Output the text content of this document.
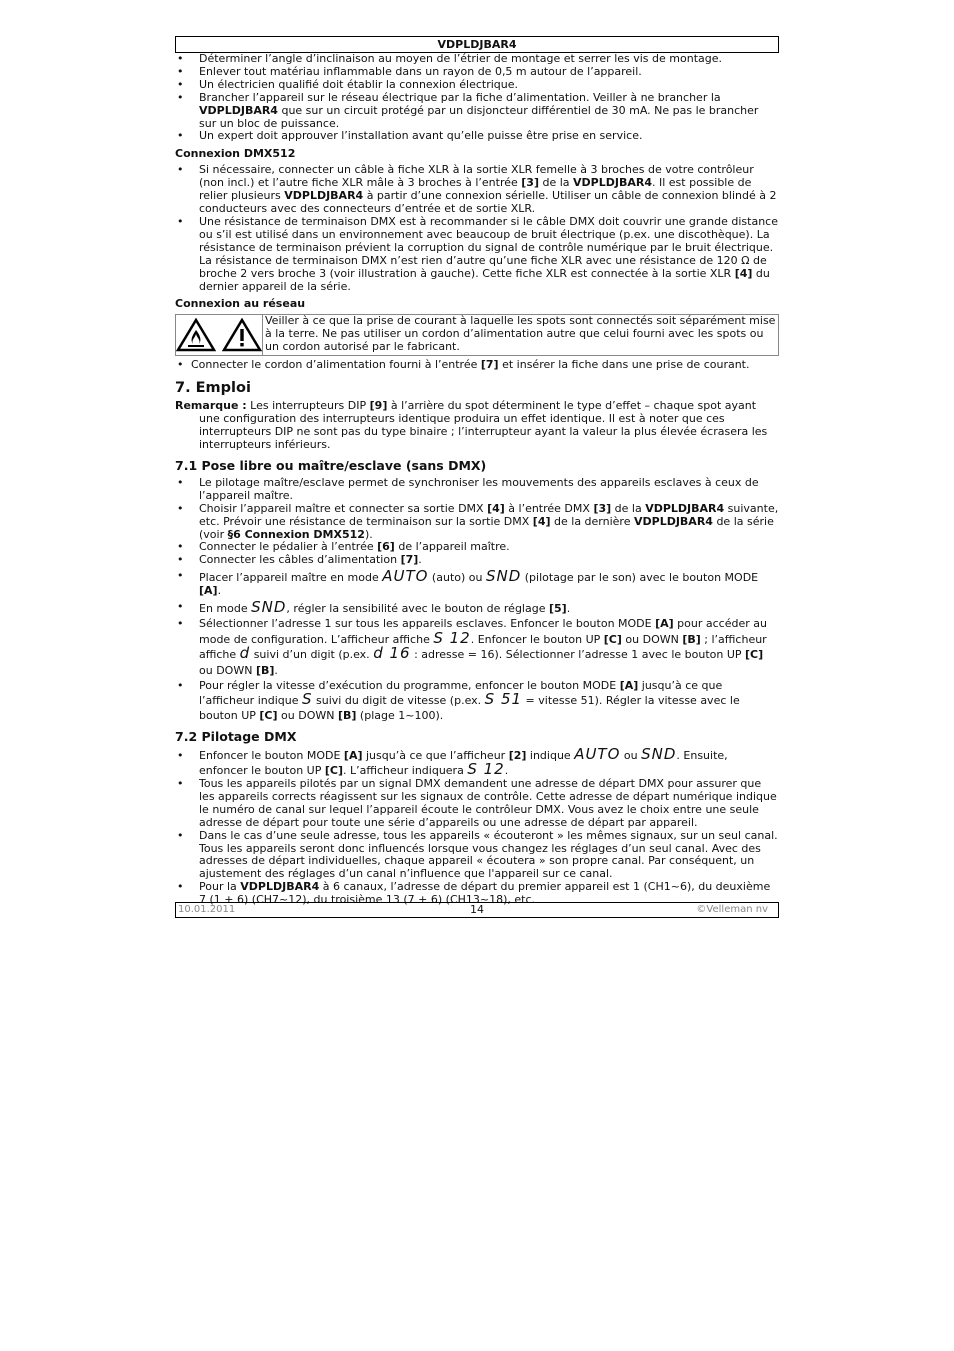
VDPLDJBAR4
• Déterminer l’angle d’inclinaison au moyen de l’étrier de montage et serrer les vis de montage.
• Enlever tout matériau inflammable dans un rayon de 0,5 m autour de l’appareil.
• Un électricien qualifié doit établir la connexion électrique.
• Brancher l’appareil sur le réseau électrique par la fiche d’alimentation. Veiller à ne brancher la VDPLDJBAR4 que sur un circuit protégé par un disjoncteur différentiel de 30 mA. Ne pas le brancher sur un bloc de puissance.
• Un expert doit approuver l’installation avant qu’elle puisse être prise en service.
Connexion DMX512
• Si nécessaire, connecter un câble à fiche XLR à la sortie XLR femelle à 3 broches de votre contrôleur (non incl.) et l’autre fiche XLR mâle à 3 broches à l’entrée [3] de la VDPLDJBAR4. Il est possible de relier plusieurs VDPLDJBAR4 à partir d’une connexion sérielle. Utiliser un câble de connexion blindé à 2 conducteurs avec des connecteurs d’entrée et de sortie XLR.
• Une résistance de terminaison DMX est à recommander si le câble DMX doit couvrir une grande distance ou s’il est utilisé dans un environnement avec beaucoup de bruit électrique (p.ex. une discothèque). La résistance de terminaison prévient la corruption du signal de contrôle numérique par le bruit électrique. La résistance de terminaison DMX n’est rien d’autre qu’une fiche XLR avec une résistance de 120 Ω de broche 2 vers broche 3 (voir illustration à gauche). Cette fiche XLR est connectée à la sortie XLR [4] du dernier appareil de la série.
Connexion au réseau
Veiller à ce que la prise de courant à laquelle les spots sont connectés soit séparément mise à la terre. Ne pas utiliser un cordon d’alimentation autre que celui fourni avec les spots ou un cordon autorisé par le fabricant.
• Connecter le cordon d’alimentation fourni à l’entrée [7] et insérer la fiche dans une prise de courant.
7. Emploi
Remarque : Les interrupteurs DIP [9] à l’arrière du spot déterminent le type d’effet – chaque spot ayant une configuration des interrupteurs identique produira un effet identique. Il est à noter que ces interrupteurs DIP ne sont pas du type binaire ; l’interrupteur ayant la valeur la plus élevée écrasera les interrupteurs inférieurs.
7.1 Pose libre ou maître/esclave (sans DMX)
• Le pilotage maître/esclave permet de synchroniser les mouvements des appareils esclaves à ceux de l’appareil maître.
• Choisir l’appareil maître et connecter sa sortie DMX [4] à l’entrée DMX [3] de la VDPLDJBAR4 suivante, etc. Prévoir une résistance de terminaison sur la sortie DMX [4] de la dernière VDPLDJBAR4 de la série (voir §6 Connexion DMX512).
• Connecter le pédalier à l’entrée [6] de l’appareil maître.
• Connecter les câbles d’alimentation [7].
• Placer l’appareil maître en mode AUTO (auto) ou SND (pilotage par le son) avec le bouton MODE [A].
• En mode SND, régler la sensibilité avec le bouton de réglage [5].
• Sélectionner l’adresse 1 sur tous les appareils esclaves. Enfoncer le bouton MODE [A] pour accéder au mode de configuration. L’afficheur affiche S 12. Enfoncer le bouton UP [C] ou DOWN [B] ; l’afficheur affiche d suivi d’un digit (p.ex. d 16 : adresse = 16). Sélectionner l’adresse 1 avec le bouton UP [C] ou DOWN [B].
• Pour régler la vitesse d’exécution du programme, enfoncer le bouton MODE [A] jusqu’à ce que l’afficheur indique S suivi du digit de vitesse (p.ex. S 51 = vitesse 51). Régler la vitesse avec le bouton UP [C] ou DOWN [B] (plage 1~100).
7.2 Pilotage DMX
• Enfoncer le bouton MODE [A] jusqu’à ce que l’afficheur [2] indique AUTO ou SND. Ensuite, enfoncer le bouton UP [C]. L’afficheur indiquera S 12.
• Tous les appareils pilotés par un signal DMX demandent une adresse de départ DMX pour assurer que les appareils corrects réagissent sur les signaux de contrôle. Cette adresse de départ numérique indique le numéro de canal sur lequel l’appareil écoute le contrôleur DMX. Vous avez le choix entre une seule adresse de départ pour toute une série d’appareils ou une adresse de départ par appareil.
• Dans le cas d’une seule adresse, tous les appareils « écouteront » les mêmes signaux, sur un seul canal. Tous les appareils seront donc influencés lorsque vous changez les réglages d’un seul canal. Avec des adresses de départ individuelles, chaque appareil « écoutera » son propre canal. Par conséquent, un ajustement des réglages d’un canal n’influence que l'appareil sur ce canal.
• Pour la VDPLDJBAR4 à 6 canaux, l’adresse de départ du premier appareil est 1 (CH1~6), du deuxième 7 (1 + 6) (CH7~12), du troisième 13 (7 + 6) (CH13~18), etc.
10.01.2011	14	©Velleman nv
